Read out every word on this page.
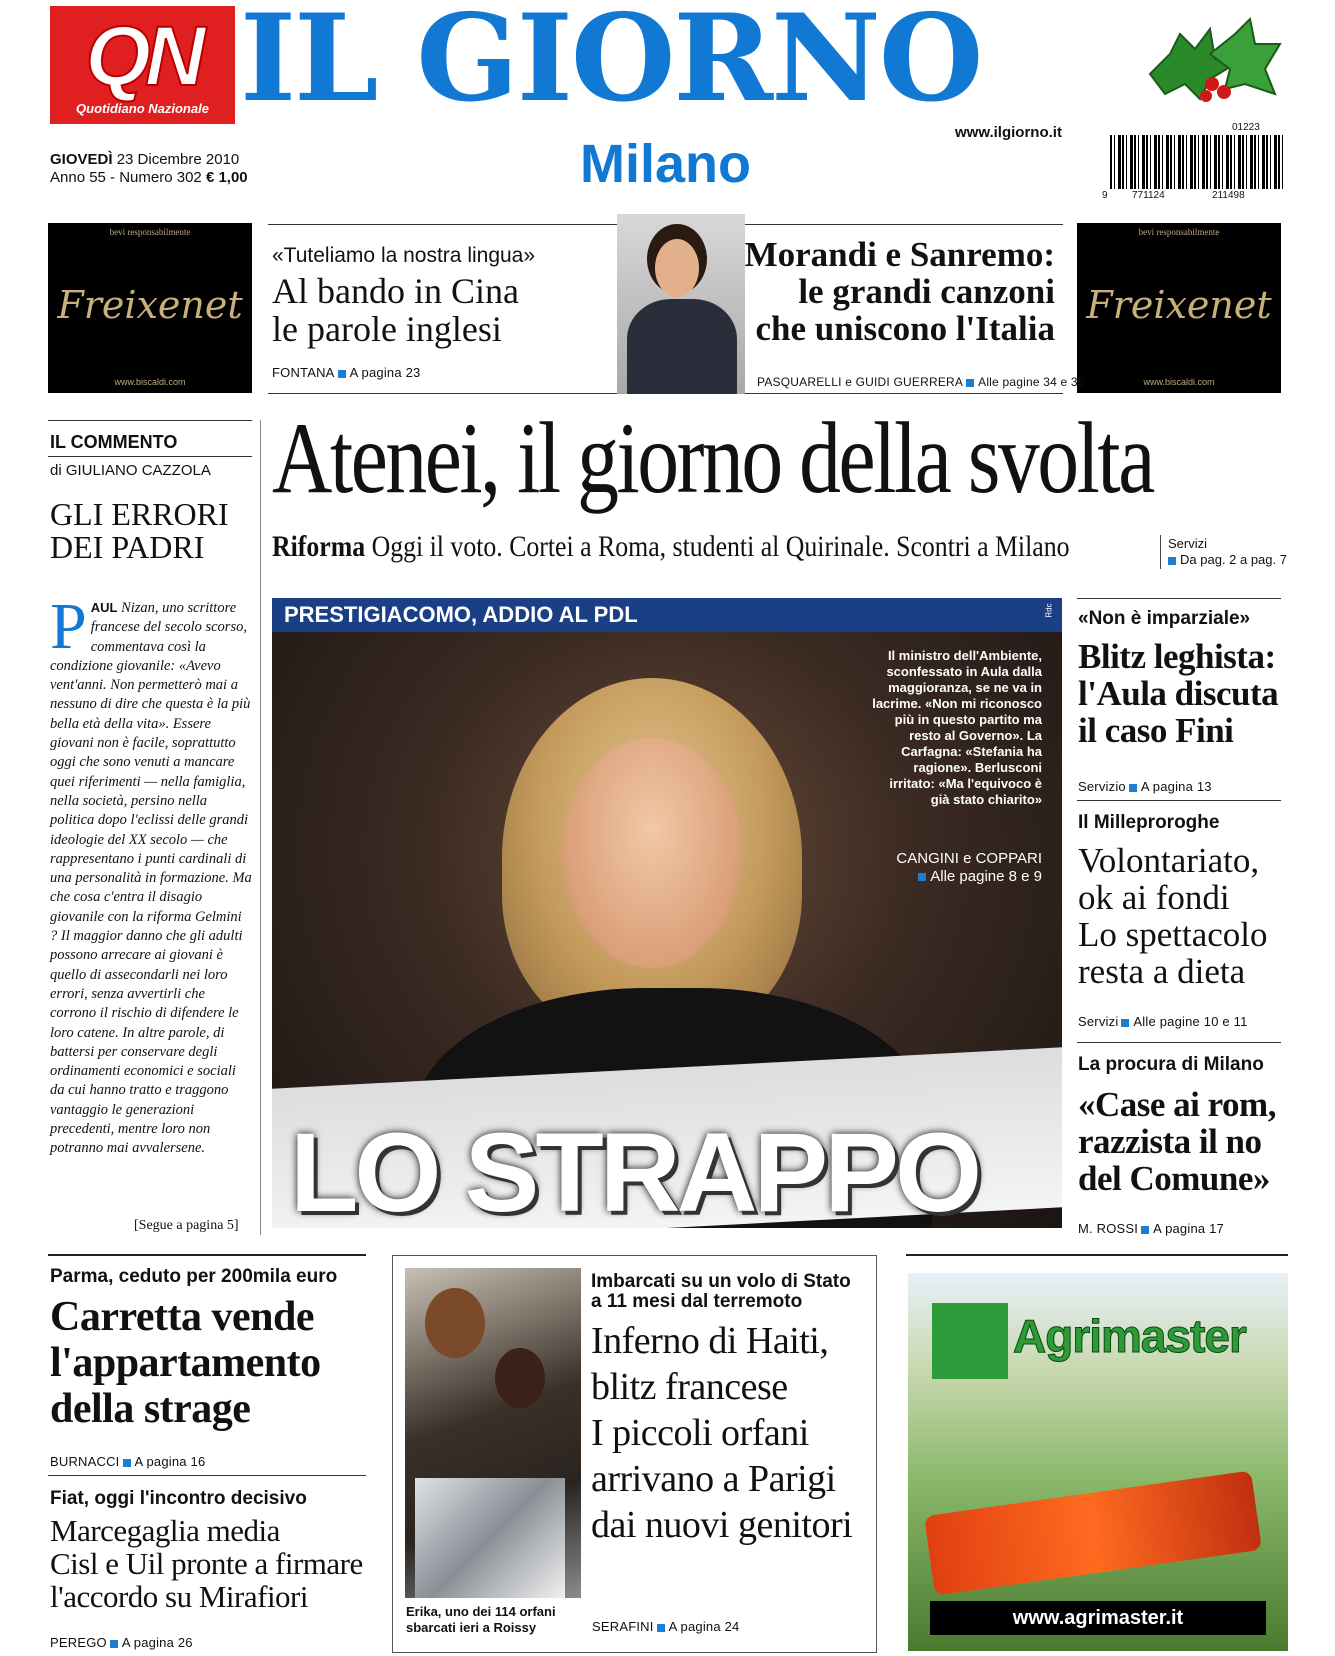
QN
Quotidiano Nazionale IL GIORNO
Milano
www.ilgiorno.it
GIOVEDÌ 23 Dicembre 2010
Anno 55 - Numero 302 € 1,00
01223
9 771124	211498
bevi responsabilmente
Freixenet
www.biscaldi.com
bevi responsabilmente
Freixenet
www.biscaldi.com
«Tuteliamo la nostra lingua»
Al bando in Cina
le parole inglesi
FONTANA A pagina 23
Morandi e Sanremo:
le grandi canzoni
che uniscono l'Italia
PASQUARELLI e GUIDI GUERRERA Alle pagine 34 e 35
IL COMMENTO
di GIULIANO CAZZOLA
GLI ERRORI
DEI PADRI
PAUL Nizan, uno scrittore francese del secolo scorso, commentava così la condizione giovanile: «Avevo vent'anni. Non permetterò mai a nessuno di dire che questa è la più bella età della vita». Essere giovani non è facile, soprattutto oggi che sono venuti a mancare quei riferimenti — nella famiglia, nella società, persino nella politica dopo l'eclissi delle grandi ideologie del XX secolo — che rappresentano i punti cardinali di una personalità in formazione. Ma che cosa c'entra il disagio giovanile con la riforma Gelmini ? Il maggior danno che gli adulti possono arrecare ai giovani è quello di assecondarli nei loro errori, senza avvertirli che corrono il rischio di difendere le loro catene. In altre parole, di battersi per conservare degli ordinamenti economici e sociali da cui hanno tratto e traggono vantaggio le generazioni precedenti, mentre loro non potranno mai avvalersene.
[Segue a pagina 5]
Atenei, il giorno della svolta
Riforma Oggi il voto. Cortei a Roma, studenti al Quirinale. Scontri a Milano	Servizi
Da pag. 2 a pag. 7
PRESTIGIACOMO, ADDIO AL PDL	Rdc
Il ministro dell'Ambiente, sconfessato in Aula dalla maggioranza, se ne va in lacrime. «Non mi riconosco più in questo partito ma resto al Governo». La Carfagna: «Stefania ha ragione». Berlusconi irritato: «Ma l'equivoco è già stato chiarito»
CANGINI e COPPARI
Alle pagine 8 e 9
LO STRAPPO
«Non è imparziale»
Blitz leghista:
l'Aula discuta
il caso Fini
Servizio A pagina 13
Il Milleproroghe
Volontariato,
ok ai fondi
Lo spettacolo
resta a dieta
Servizi Alle pagine 10 e 11
La procura di Milano
«Case ai rom,
razzista il no
del Comune»
M. ROSSI A pagina 17
Parma, ceduto per 200mila euro
Carretta vende
l'appartamento
della strage
BURNACCI A pagina 16
Fiat, oggi l'incontro decisivo
Marcegaglia media
Cisl e Uil pronte a firmare
l'accordo su Mirafiori
PEREGO A pagina 26
Erika, uno dei 114 orfani
sbarcati ieri a Roissy
Imbarcati su un volo di Stato
a 11 mesi dal terremoto
Inferno di Haiti,
blitz francese
I piccoli orfani
arrivano a Parigi
dai nuovi genitori
SERAFINI A pagina 24
Agrimaster
www.agrimaster.it
